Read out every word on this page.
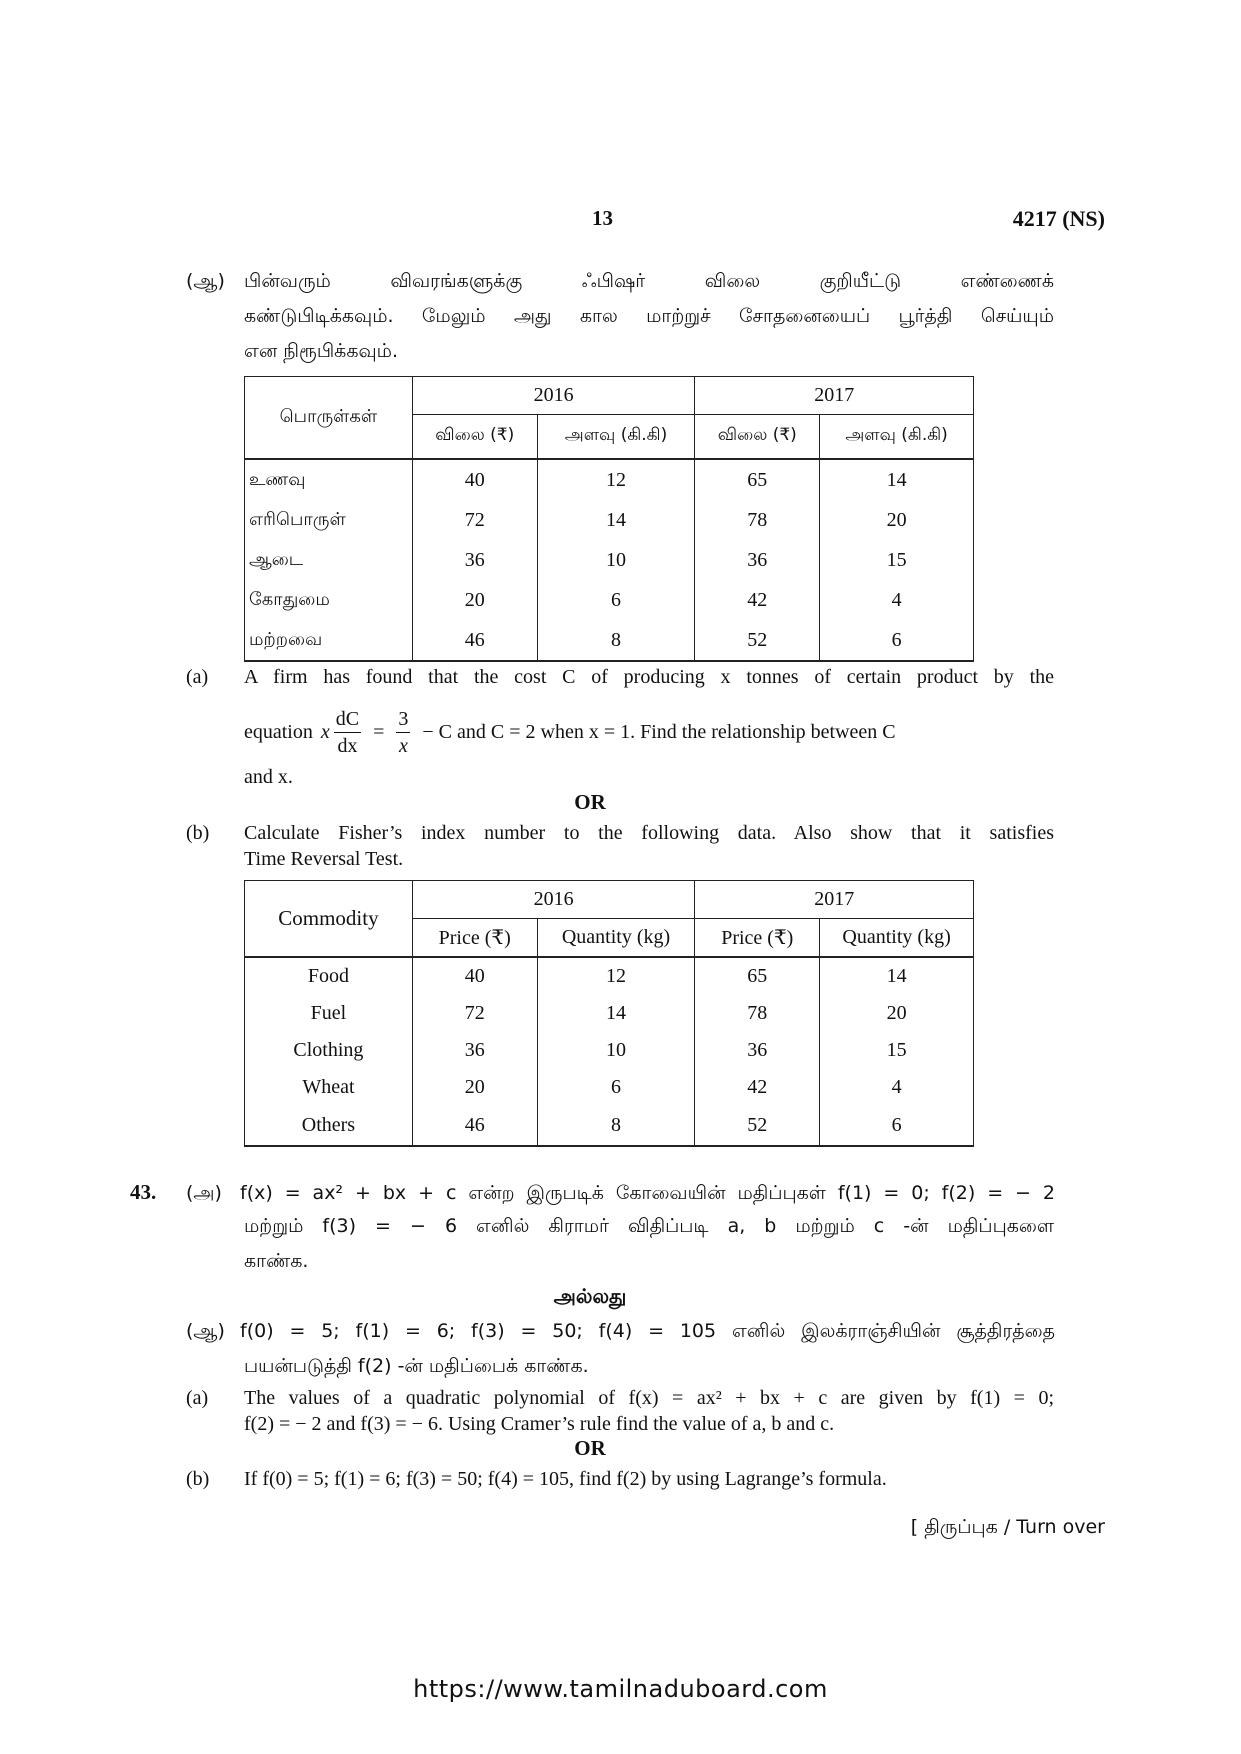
13	4217 (NS)
(ஆ) பின்வரும் விவரங்களுக்கு ஃபிஷர் விலை குறியீட்டு எண்ணைக்
கண்டுபிடிக்கவும். மேலும் அது கால மாற்றுச் சோதனையைப் பூர்த்தி செய்யும்
என நிரூபிக்கவும்.
பொருள்கள்	2016		2017	
	விலை (₹)	அளவு (கி.கி)	விலை (₹)	அளவு (கி.கி)
உணவு	40	12	65	14
எரிபொருள்	72	14	78	20
ஆடை	36	10	36	15
கோதுமை	20	6	42	4
மற்றவை	46	8	52	6
(a) A firm has found that the cost C of producing x tonnes of certain product by the
equation x $\frac{dC}{dx} = \frac{3}{x} - C$ and C = 2 when x = 1. Find the relationship between C
and x.
OR
(b) Calculate Fisher’s index number to the following data. Also show that it satisfies
Time Reversal Test.
Commodity	2016		2017	
	Price (₹)	Quantity (kg)	Price (₹)	Quantity (kg)
Food	40	12	65	14
Fuel	72	14	78	20
Clothing	36	10	36	15
Wheat	20	6	42	4
Others	46	8	52	6
43. (அ) f(x) = ax² + bx + c என்ற இருபடிக் கோவையின் மதிப்புகள் f(1) = 0; f(2) = − 2
மற்றும் f(3) = − 6 எனில் கிராமர் விதிப்படி a, b மற்றும் c -ன் மதிப்புகளை
காண்க.
அல்லது
(ஆ) f(0) = 5; f(1) = 6; f(3) = 50; f(4) = 105 எனில் இலக்ராஞ்சியின் சூத்திரத்தை
பயன்படுத்தி f(2) -ன் மதிப்பைக் காண்க.
(a) The values of a quadratic polynomial of f(x) = ax² + bx + c are given by f(1) = 0;
f(2) = − 2 and f(3) = − 6. Using Cramer’s rule find the value of a, b and c.
OR
(b) If f(0) = 5; f(1) = 6; f(3) = 50; f(4) = 105, find f(2) by using Lagrange’s formula.
[ திருப்புக / Turn over
https://www.tamilnaduboard.com
